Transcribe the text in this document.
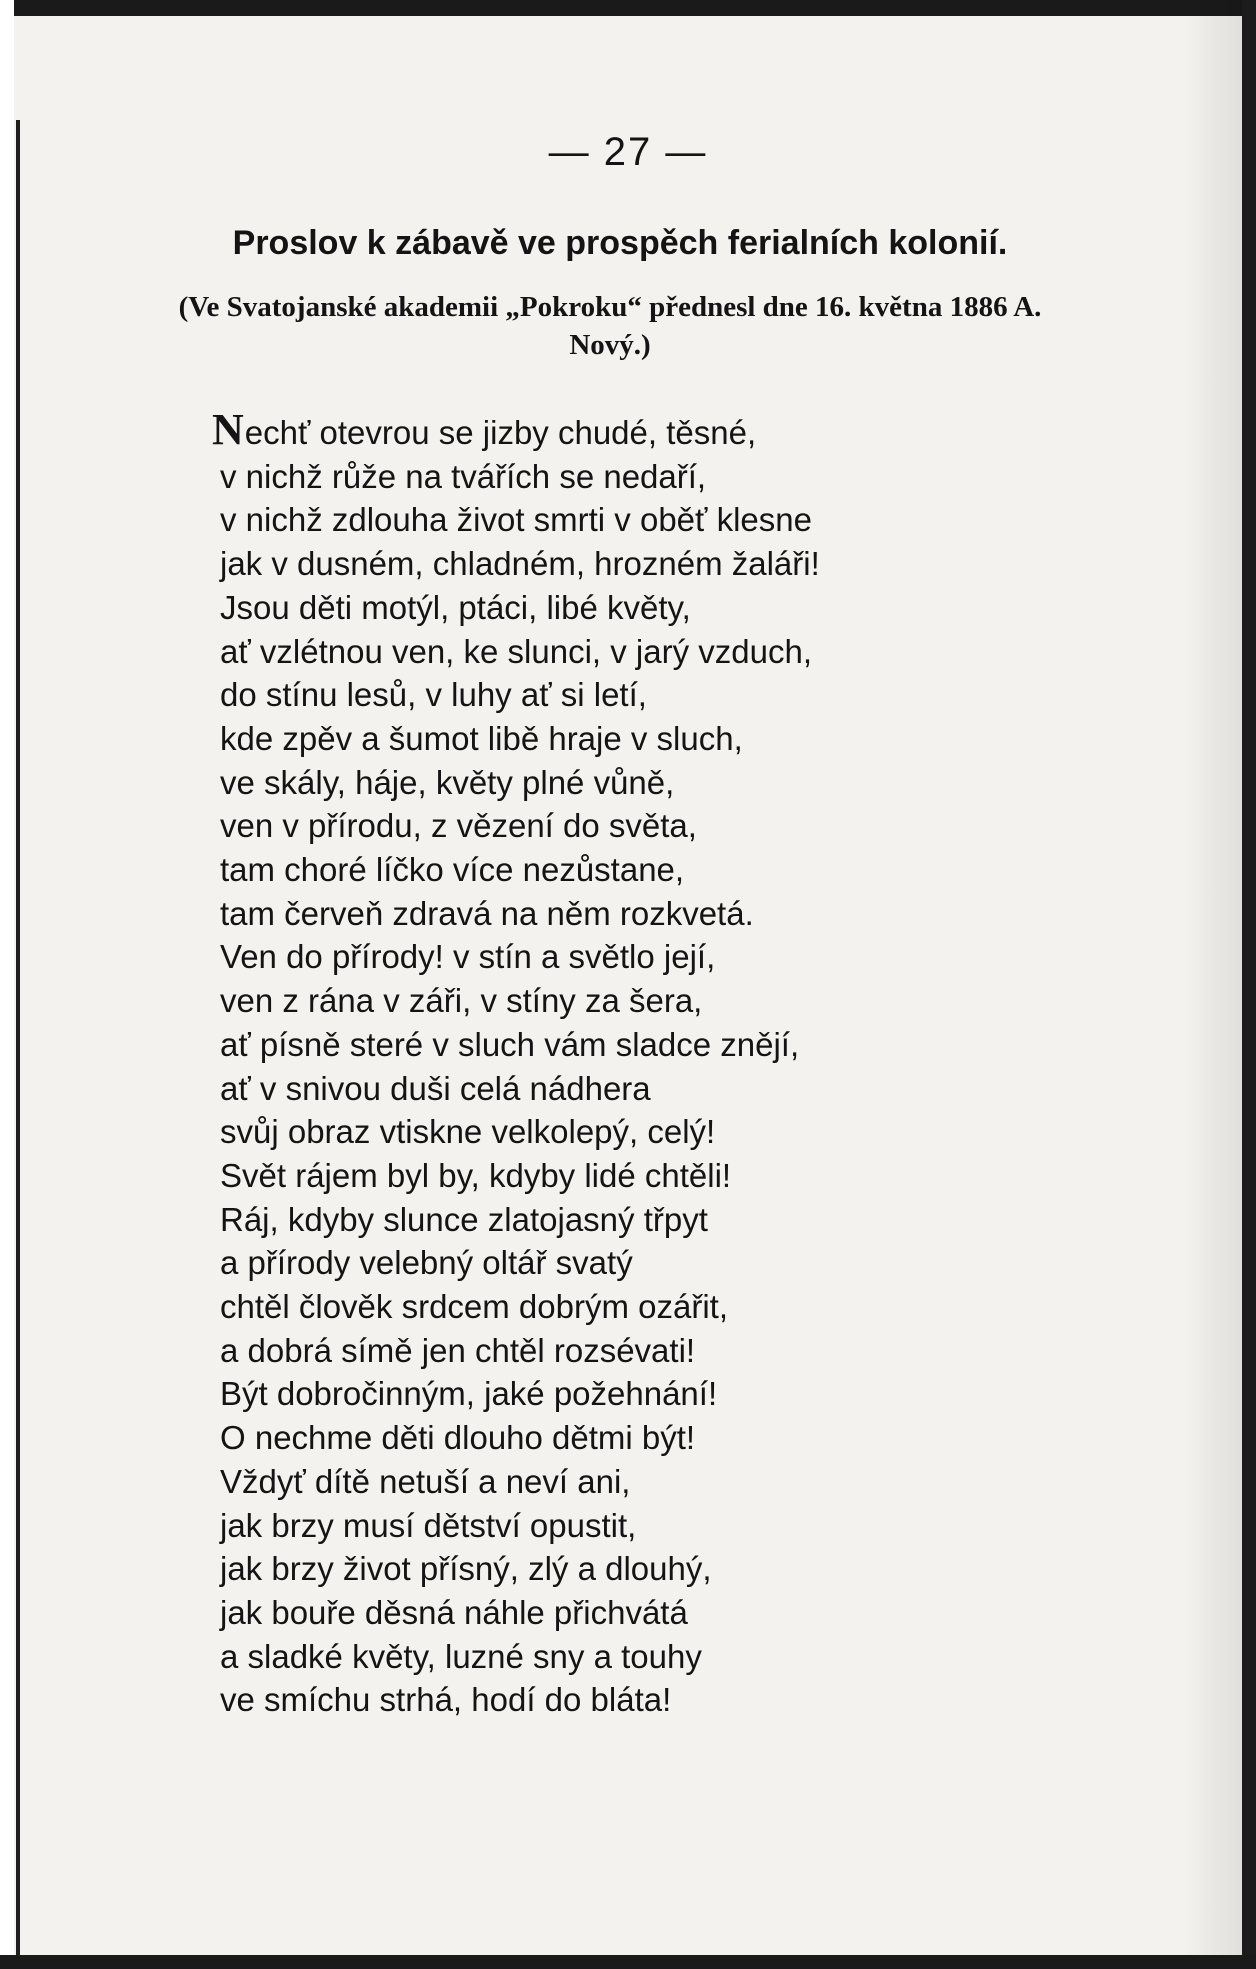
— 27 —
Proslov k zábavě ve prospěch ferialních kolonií.
(Ve Svatojanské akademii „Pokroku“ přednesl dne 16. května 1886 A. Nový.)
Nechť otevrou se jizby chudé, těsné,
v nichž růže na tvářích se nedaří,
v nichž zdlouha život smrti v oběť klesne
jak v dusném, chladném, hrozném žaláři!
Jsou děti motýl, ptáci, libé květy,
ať vzlétnou ven, ke slunci, v jarý vzduch,
do stínu lesů, v luhy ať si letí,
kde zpěv a šumot libě hraje v sluch,
ve skály, háje, květy plné vůně,
ven v přírodu, z vězení do světa,
tam choré líčko více nezůstane,
tam červeň zdravá na něm rozkvetá.
Ven do přírody! v stín a světlo její,
ven z rána v záři, v stíny za šera,
ať písně steré v sluch vám sladce znějí,
ať v snivou duši celá nádhera
svůj obraz vtiskne velkolepý, celý!
Svět rájem byl by, kdyby lidé chtěli!
Ráj, kdyby slunce zlatojasný třpyt
a přírody velebný oltář svatý
chtěl člověk srdcem dobrým ozářit,
a dobrá símě jen chtěl rozsévati!
Být dobročinným, jaké požehnání!
O nechme děti dlouho dětmi být!
Vždyť dítě netuší a neví ani,
jak brzy musí dětství opustit,
jak brzy život přísný, zlý a dlouhý,
jak bouře děsná náhle přichvátá
a sladké květy, luzné sny a touhy
ve smíchu strhá, hodí do bláta!
